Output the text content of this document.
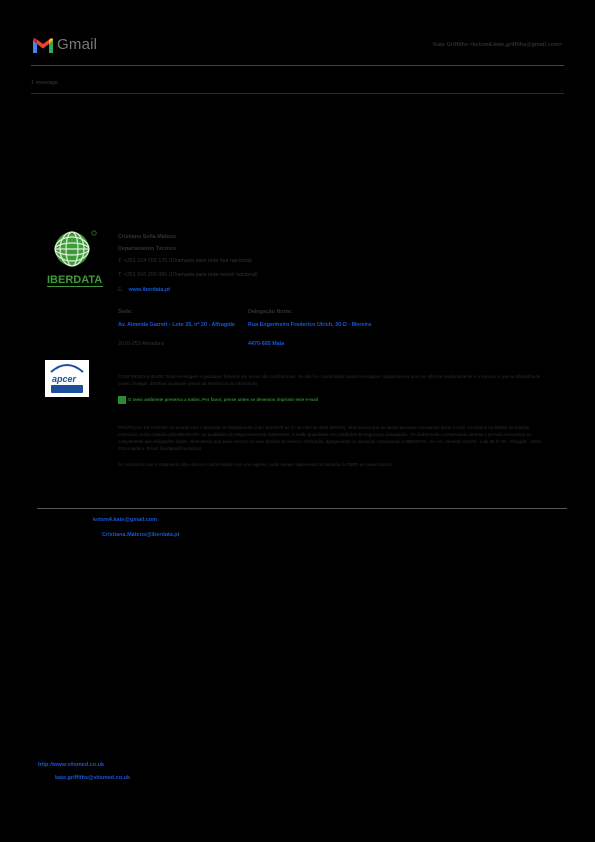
Gmail	Kate Griffiths <kvtsm4.kate.griffiths@gmail.com>
1 message
IBERDATA
Cristiana Sofia Mateus
Departamento Técnico
T: +351 214 765 170 (Chamada para rede fixa nacional)
T: +351 910 255 050 (Chamada para rede móvel nacional)
E: www.iberdata.pt
Sede:
Av. Almeida Garrett - Lote 35, nº 20 - Alfragide
2610-253 Amadora
Delegação Norte:
Rua Engenheiro Frederico Ulrich, 30-D - Moreira
4470-605 Maia
apcer	CONFIDENCIALIDADE: Esta mensagem e quaisquer ficheiros em anexo são confidenciais. Se não for o destinatário desta mensagem, agradecemos que nos informe imediatamente e a remova, e que se abstenha de copiar, divulgar, distribuir quaisquer partes da mesma ou da informação.
O meio ambiente preserva a todos. Por favor, pense antes se devemos imprimir este e-mail
PROTEÇÃO DE DADOS: De acordo com o disposto no Regulamento (UE) 2016/679 de 27 de Abril de 2016 (RGPD), informamos que os dados pessoais constantes deste e-mail, recolhidos no âmbito da relação comercial, serão tratados pela IBERDATA, na qualidade de responsável pelo tratamento, e estão guardados em condições de segurança adequadas. Os dados serão conservados durante o período necessário ao cumprimento das obrigações legais. Informamos que pode exercer os seus direitos de acesso, retificação, apagamento ou oposição contactando a IBERDATA, SA - Av. Almeida Garrett - Lote 35 nº 20 - Alfragide - 2610-253 Amadora. Email: iberdata@iberdata.pt
Se considerar que o tratamento não está em conformidade com a lei vigente, pode sempre apresentar reclamação à CNPD em www.cnpd.pt
kvtsm4.kate@gmail.com
Cristiana.Mateus@iberdata.pt
http://www.vitsmed.co.uk
kate.griffiths@vitsmed.co.uk
